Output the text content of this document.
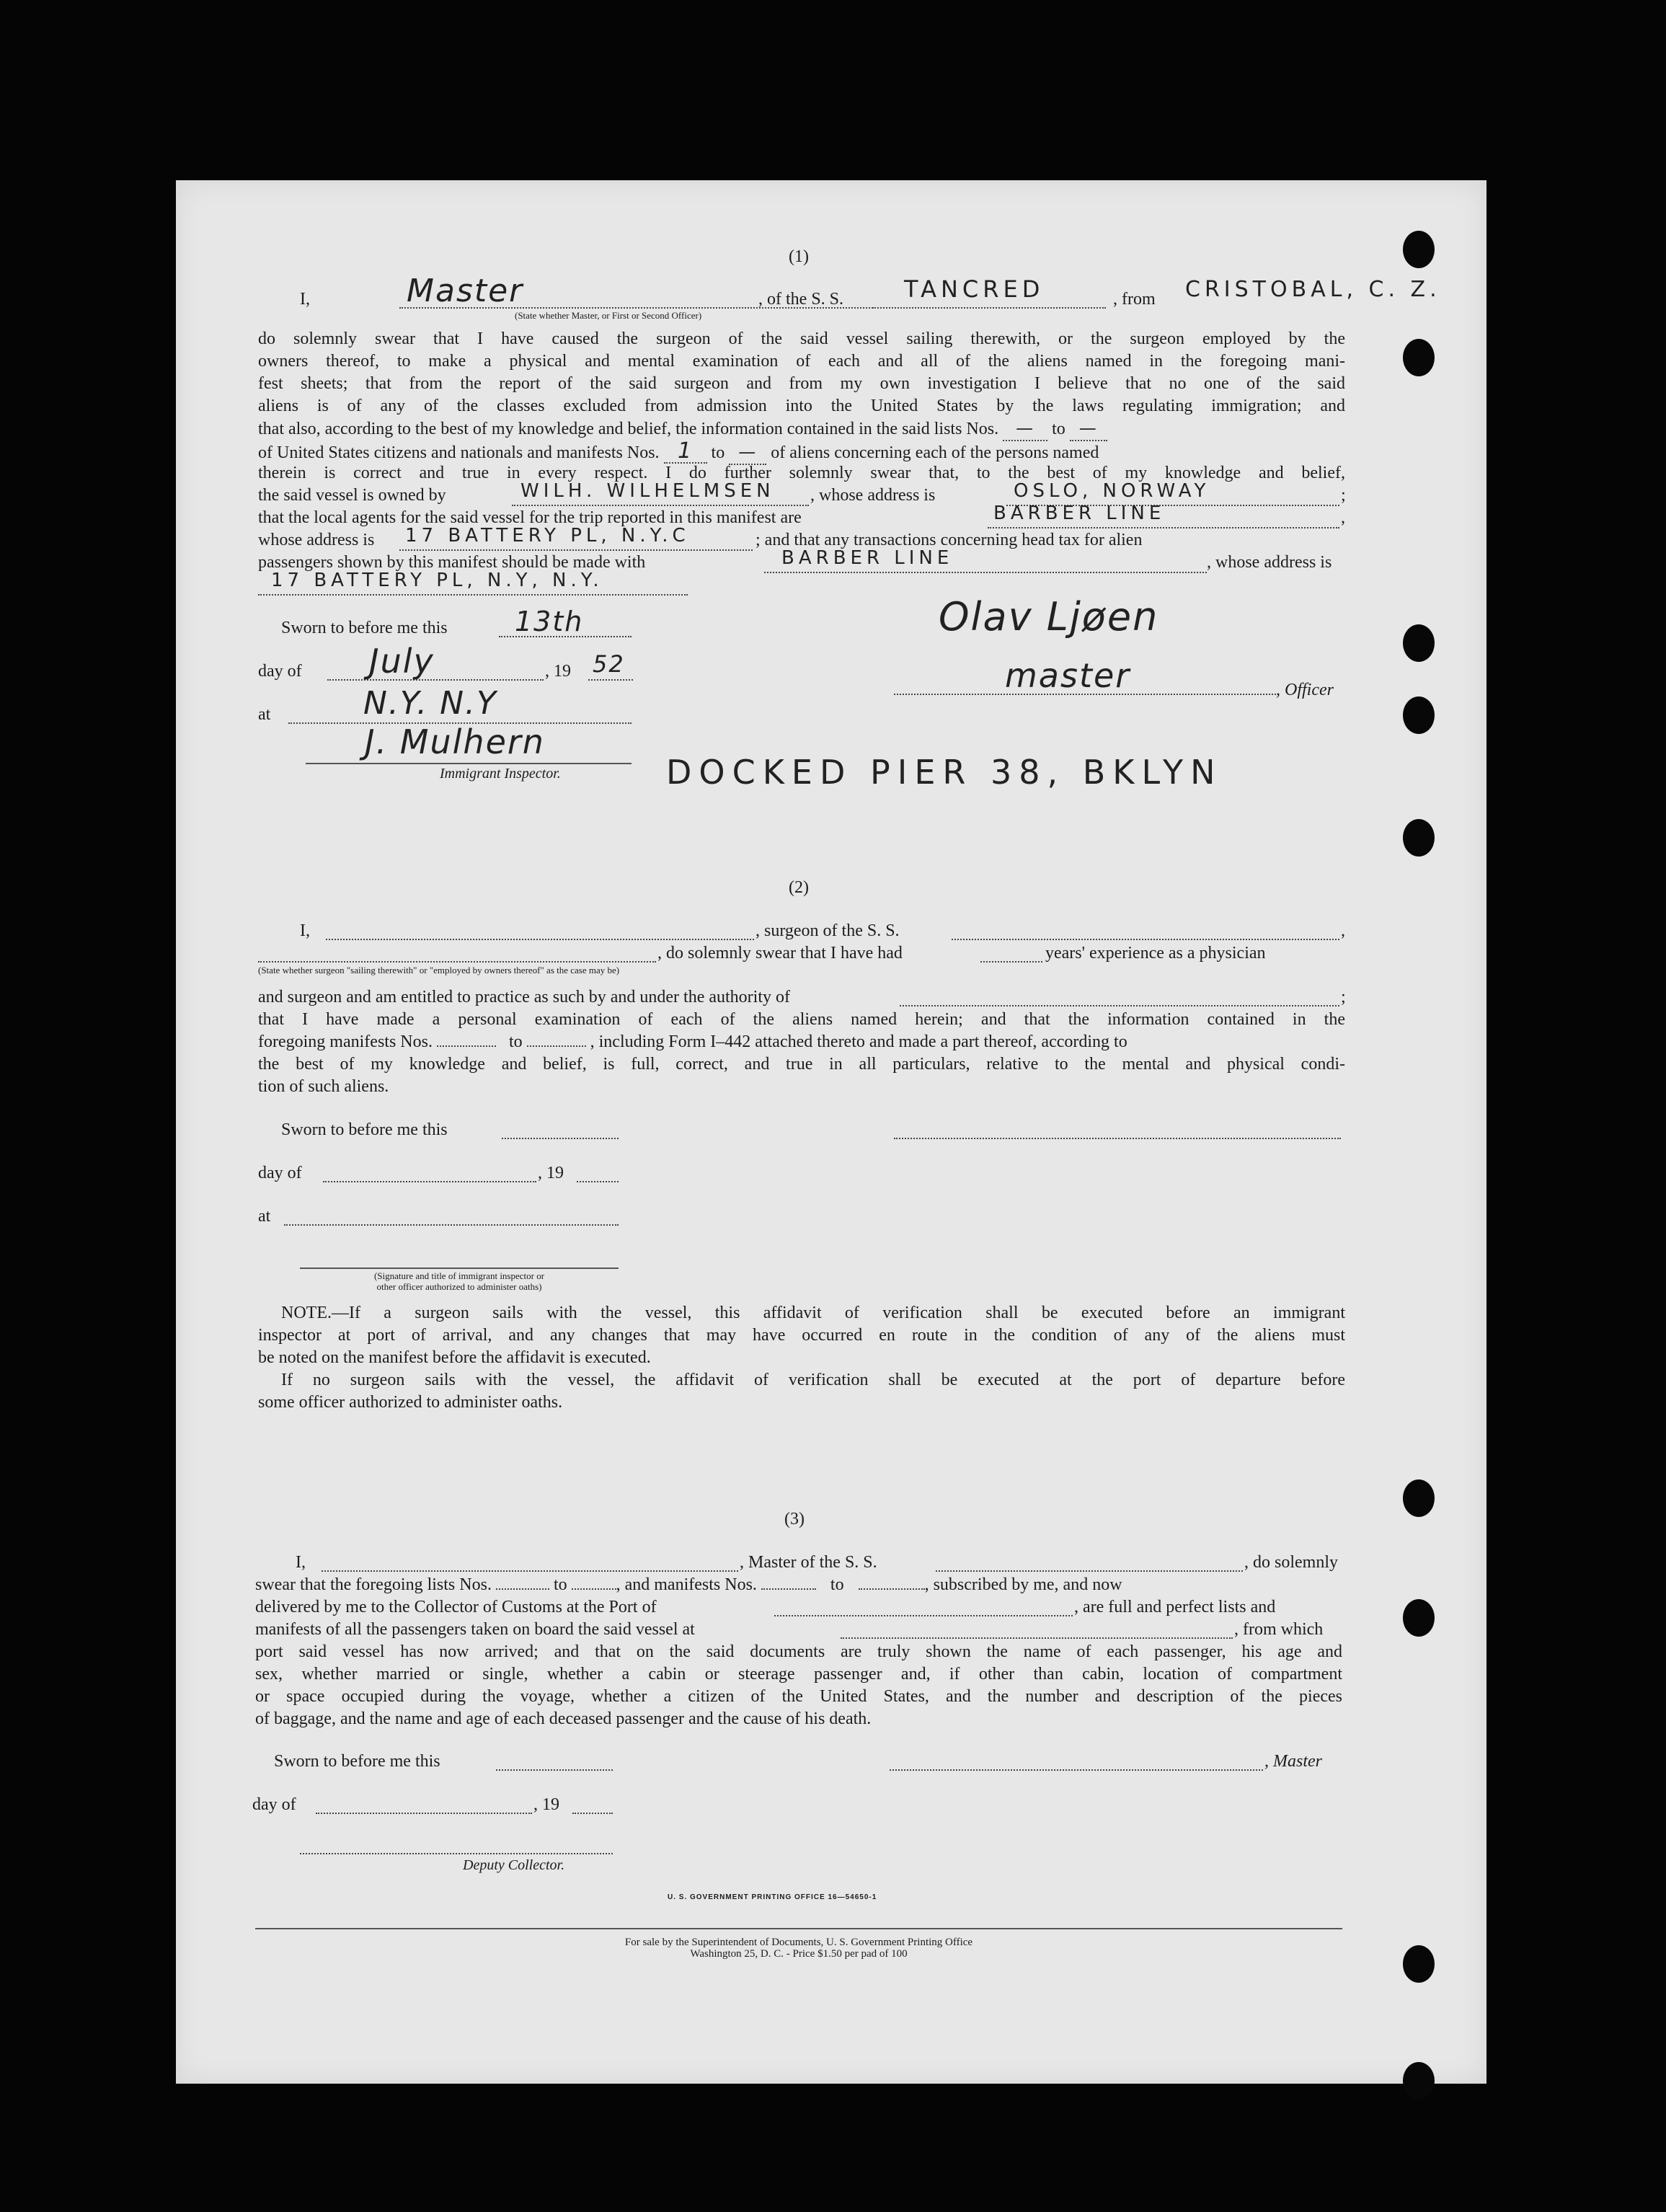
(1)
I,	Master
(State whether Master, or First or Second Officer)
, of the S. S.	TANCRED	, from CRISTOBAL, C. Z.
do solemnly swear that I have caused the surgeon of the said vessel sailing therewith, or the surgeon employed by the
owners thereof, to make a physical and mental examination of each and all of the aliens named in the foregoing mani-
fest sheets; that from the report of the said surgeon and from my own investigation I believe that no one of the said
aliens is of any of the classes excluded from admission into the United States by the laws regulating immigration; and
that also, according to the best of my knowledge and belief, the information contained in the said lists Nos. — to —
of United States citizens and nationals and manifests Nos. 1 to — of aliens concerning each of the persons named
therein is correct and true in every respect. I do further solemnly swear that, to the best of my knowledge and belief,
the said vessel is owned by	WILH. WILHELMSEN , whose address is	OSLO, NORWAY	;
that the local agents for the said vessel for the trip reported in this manifest are	BARBER LINE	,
whose address is 17 BATTERY PL, N.Y.C	; and that any transactions concerning head tax for alien
passengers shown by this manifest should be made with	BARBER LINE	, whose address is
17 BATTERY PL, N.Y, N.Y.
Sworn to before me this 13th
day of July	, 19 52
at	N.Y. N.Y
J. Mulhern
Immigrant Inspector.
Olav Ljøen
master	, Officer
DOCKED PIER 38, BKLYN
(2)
I,	, surgeon of the S. S.	,
, do solemnly swear that I have had	years' experience as a physician
(State whether surgeon "sailing therewith" or "employed by owners thereof" as the case may be)
and surgeon and am entitled to practice as such by and under the authority of	;
that I have made a personal examination of each of the aliens named herein; and that the information contained in the
foregoing manifests Nos.	to	, including Form I–442 attached thereto and made a part thereof, according to
the best of my knowledge and belief, is full, correct, and true in all particulars, relative to the mental and physical condi-
tion of such aliens.
Sworn to before me this
day of	, 19
at
(Signature and title of immigrant inspector or
other officer authorized to administer oaths)
NOTE.—If a surgeon sails with the vessel, this affidavit of verification shall be executed before an immigrant
inspector at port of arrival, and any changes that may have occurred en route in the condition of any of the aliens must
be noted on the manifest before the affidavit is executed.
If no surgeon sails with the vessel, the affidavit of verification shall be executed at the port of departure before
some officer authorized to administer oaths.
(3)
I,	, Master of the S. S.	, do solemnly
swear that the foregoing lists Nos.	to	, and manifests Nos.	to	, subscribed by me, and now
delivered by me to the Collector of Customs at the Port of	, are full and perfect lists and
manifests of all the passengers taken on board the said vessel at	, from which
port said vessel has now arrived; and that on the said documents are truly shown the name of each passenger, his age and
sex, whether married or single, whether a cabin or steerage passenger and, if other than cabin, location of compartment
or space occupied during the voyage, whether a citizen of the United States, and the number and description of the pieces
of baggage, and the name and age of each deceased passenger and the cause of his death.
Sworn to before me this	, Master
day of	, 19
Deputy Collector.
U. S. GOVERNMENT PRINTING OFFICE 16—54650-1
For sale by the Superintendent of Documents, U. S. Government Printing Office
Washington 25, D. C. - Price $1.50 per pad of 100
